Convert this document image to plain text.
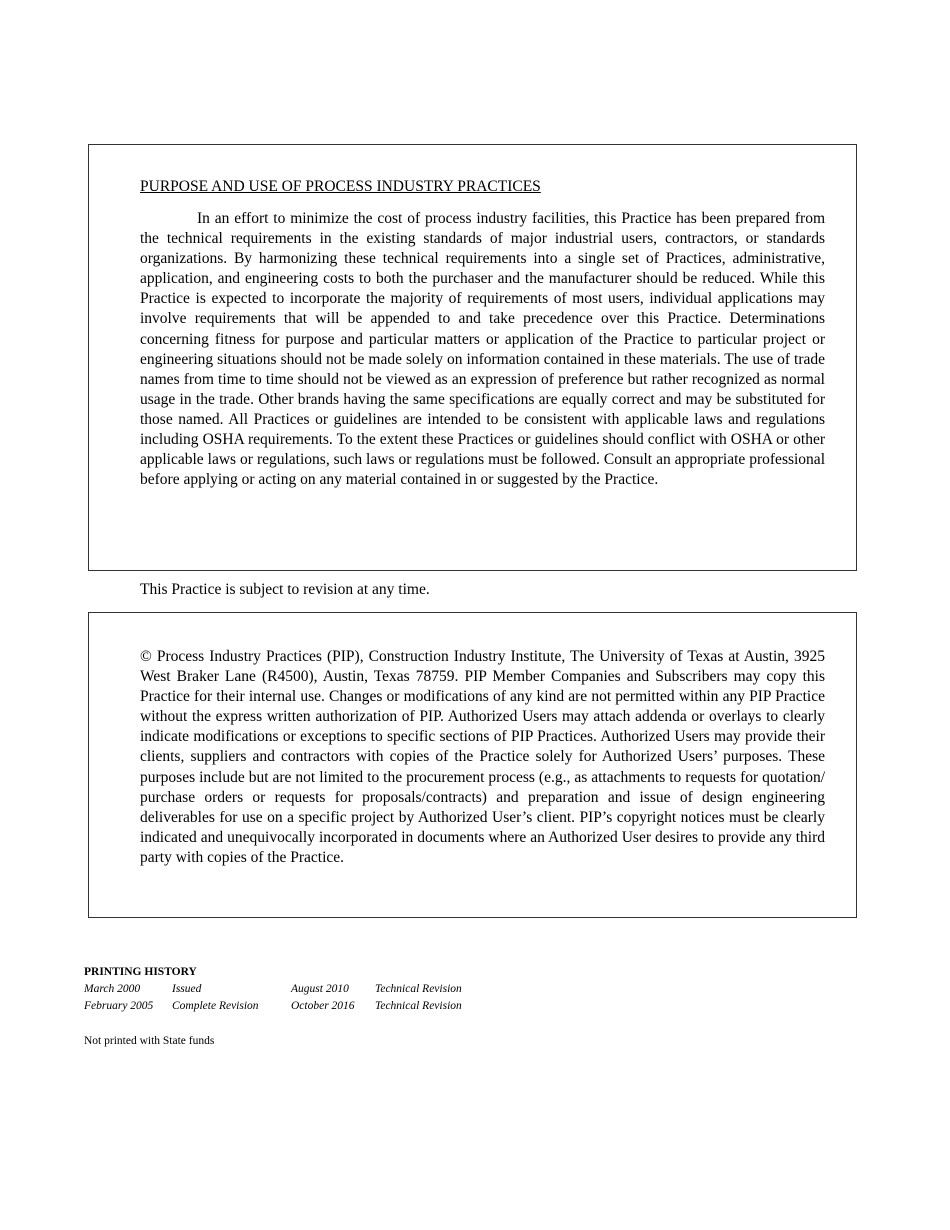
PURPOSE AND USE OF PROCESS INDUSTRY PRACTICES

In an effort to minimize the cost of process industry facilities, this Practice has been prepared from the technical requirements in the existing standards of major industrial users, contractors, or standards organizations. By harmonizing these technical requirements into a single set of Practices, administrative, application, and engineering costs to both the purchaser and the manufacturer should be reduced. While this Practice is expected to incorporate the majority of requirements of most users, individual applications may involve requirements that will be appended to and take precedence over this Practice. Determinations concerning fitness for purpose and particular matters or application of the Practice to particular project or engineering situations should not be made solely on information contained in these materials. The use of trade names from time to time should not be viewed as an expression of preference but rather recognized as normal usage in the trade. Other brands having the same specifications are equally correct and may be substituted for those named. All Practices or guidelines are intended to be consistent with applicable laws and regulations including OSHA requirements. To the extent these Practices or guidelines should conflict with OSHA or other applicable laws or regulations, such laws or regulations must be followed. Consult an appropriate professional before applying or acting on any material contained in or suggested by the Practice.

This Practice is subject to revision at any time.

© Process Industry Practices (PIP), Construction Industry Institute, The University of Texas at Austin, 3925 West Braker Lane (R4500), Austin, Texas 78759. PIP Member Companies and Subscribers may copy this Practice for their internal use. Changes or modifications of any kind are not permitted within any PIP Practice without the express written authorization of PIP. Authorized Users may attach addenda or overlays to clearly indicate modifications or exceptions to specific sections of PIP Practices. Authorized Users may provide their clients, suppliers and contractors with copies of the Practice solely for Authorized Users’ purposes. These purposes include but are not limited to the procurement process (e.g., as attachments to requests for quotation/ purchase orders or requests for proposals/contracts) and preparation and issue of design engineering deliverables for use on a specific project by Authorized User’s client. PIP’s copyright notices must be clearly indicated and unequivocally incorporated in documents where an Authorized User desires to provide any third party with copies of the Practice.

PRINTING HISTORY

March 2000	Issued	August 2010	Technical Revision
February 2005	Complete Revision	October 2016	Technical Revision

Not printed with State funds
